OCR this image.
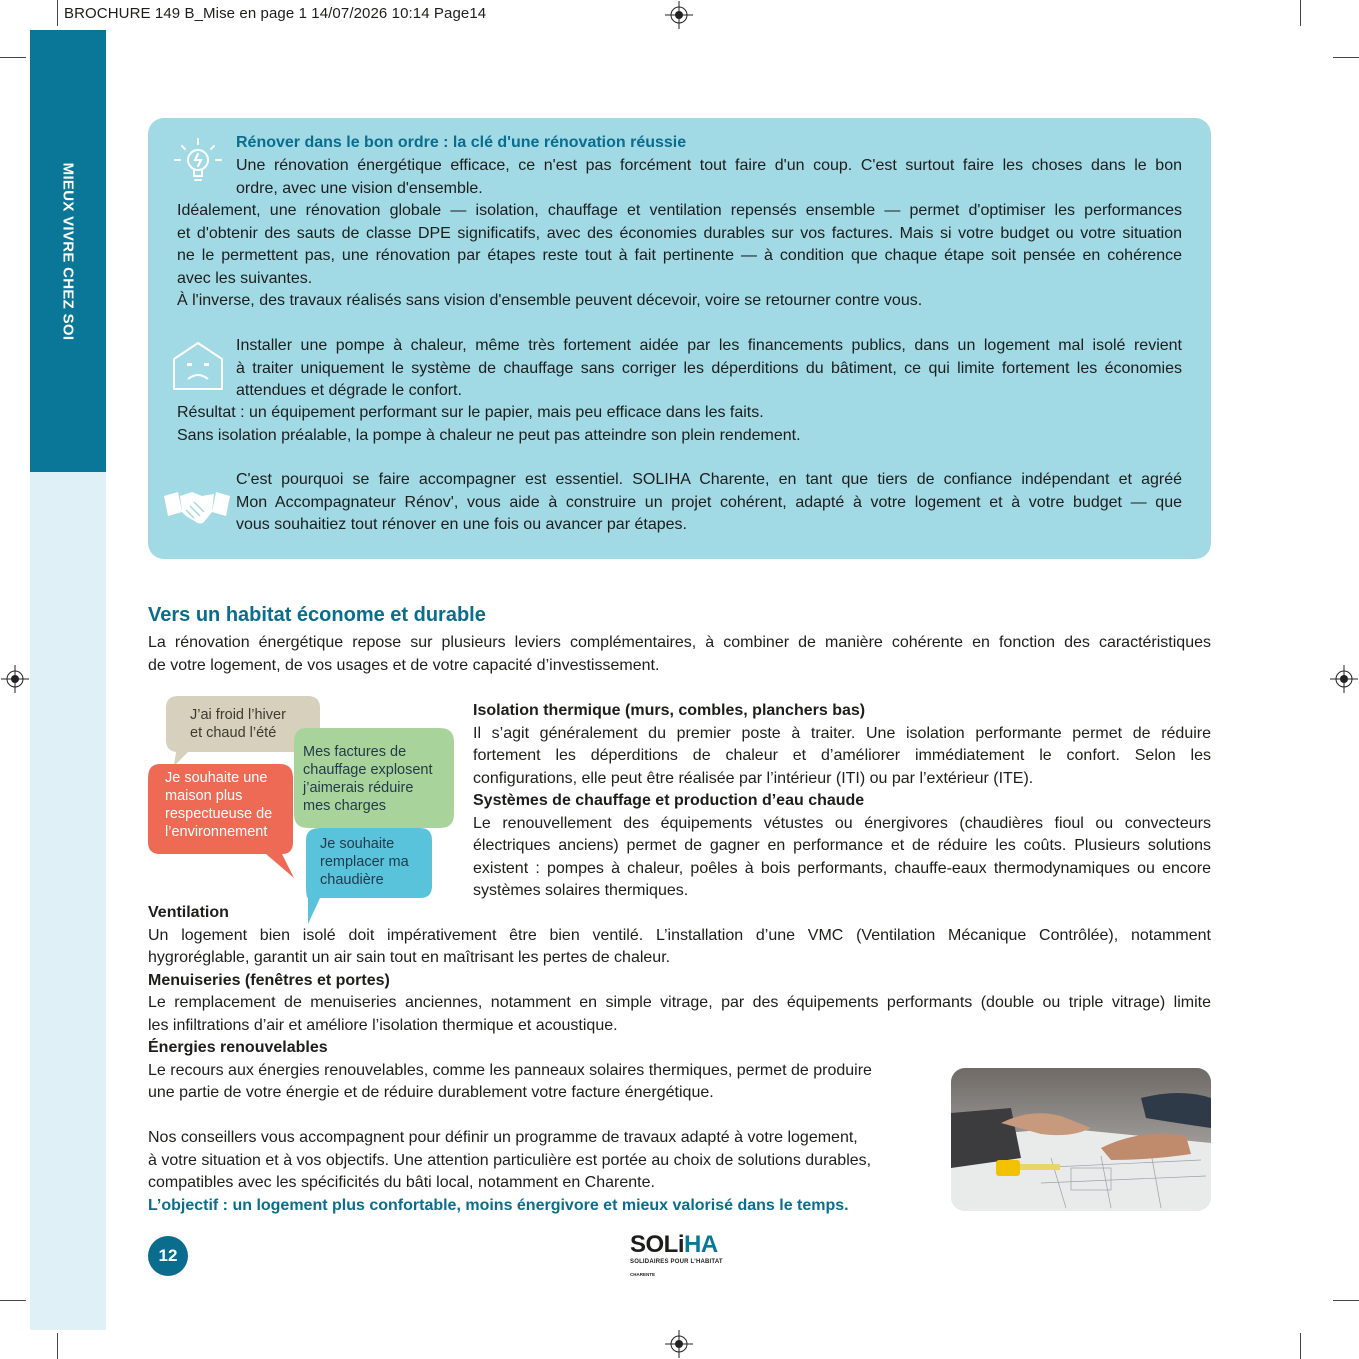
BROCHURE 149 B_Mise en page 1 14/07/2026 10:14 Page14
MIEUX VIVRE CHEZ SOI
Rénover dans le bon ordre : la clé d'une rénovation réussie
Une rénovation énergétique efficace, ce n'est pas forcément tout faire d'un coup. C'est surtout faire les choses dans le bon
ordre, avec une vision d'ensemble.
Idéalement, une rénovation globale — isolation, chauffage et ventilation repensés ensemble — permet d'optimiser les performances
et d'obtenir des sauts de classe DPE significatifs, avec des économies durables sur vos factures. Mais si votre budget ou votre situation
ne le permettent pas, une rénovation par étapes reste tout à fait pertinente — à condition que chaque étape soit pensée en cohérence
avec les suivantes.
À l'inverse, des travaux réalisés sans vision d'ensemble peuvent décevoir, voire se retourner contre vous.
Installer une pompe à chaleur, même très fortement aidée par les financements publics, dans un logement mal isolé revient
à traiter uniquement le système de chauffage sans corriger les déperditions du bâtiment, ce qui limite fortement les économies
attendues et dégrade le confort.
Résultat : un équipement performant sur le papier, mais peu efficace dans les faits.
Sans isolation préalable, la pompe à chaleur ne peut pas atteindre son plein rendement.
C'est pourquoi se faire accompagner est essentiel. SOLIHA Charente, en tant que tiers de confiance indépendant et agréé
Mon Accompagnateur Rénov', vous aide à construire un projet cohérent, adapté à votre logement et à votre budget — que
vous souhaitiez tout rénover en une fois ou avancer par étapes.
Vers un habitat économe et durable
La rénovation énergétique repose sur plusieurs leviers complémentaires, à combiner de manière cohérente en fonction des caractéristiques
de votre logement, de vos usages et de votre capacité d’investissement.
J’ai froid l’hiver
et chaud l’été
Mes factures de
chauffage explosent
j’aimerais réduire
mes charges
Je souhaite une
maison plus
respectueuse de
l’environnement
Je souhaite
remplacer ma
chaudière
Isolation thermique (murs, combles, planchers bas)
Il s’agit généralement du premier poste à traiter. Une isolation performante permet de réduire
fortement les déperditions de chaleur et d’améliorer immédiatement le confort. Selon les
configurations, elle peut être réalisée par l’intérieur (ITI) ou par l’extérieur (ITE).
Systèmes de chauffage et production d’eau chaude
Le renouvellement des équipements vétustes ou énergivores (chaudières fioul ou convecteurs
électriques anciens) permet de gagner en performance et de réduire les coûts. Plusieurs solutions
existent : pompes à chaleur, poêles à bois performants, chauffe-eaux thermodynamiques ou encore
systèmes solaires thermiques.
Ventilation
Un logement bien isolé doit impérativement être bien ventilé. L’installation d’une VMC (Ventilation Mécanique Contrôlée), notamment
hygroréglable, garantit un air sain tout en maîtrisant les pertes de chaleur.
Menuiseries (fenêtres et portes)
Le remplacement de menuiseries anciennes, notamment en simple vitrage, par des équipements performants (double ou triple vitrage) limite
les infiltrations d’air et améliore l’isolation thermique et acoustique.
Énergies renouvelables
Le recours aux énergies renouvelables, comme les panneaux solaires thermiques, permet de produire
une partie de votre énergie et de réduire durablement votre facture énergétique.
Nos conseillers vous accompagnent pour définir un programme de travaux adapté à votre logement,
à votre situation et à vos objectifs. Une attention particulière est portée au choix de solutions durables,
compatibles avec les spécificités du bâti local, notamment en Charente.
L’objectif : un logement plus confortable, moins énergivore et mieux valorisé dans le temps.
12	SOLiHA
SOLIDAIRES POUR L’HABITAT
CHARENTE
